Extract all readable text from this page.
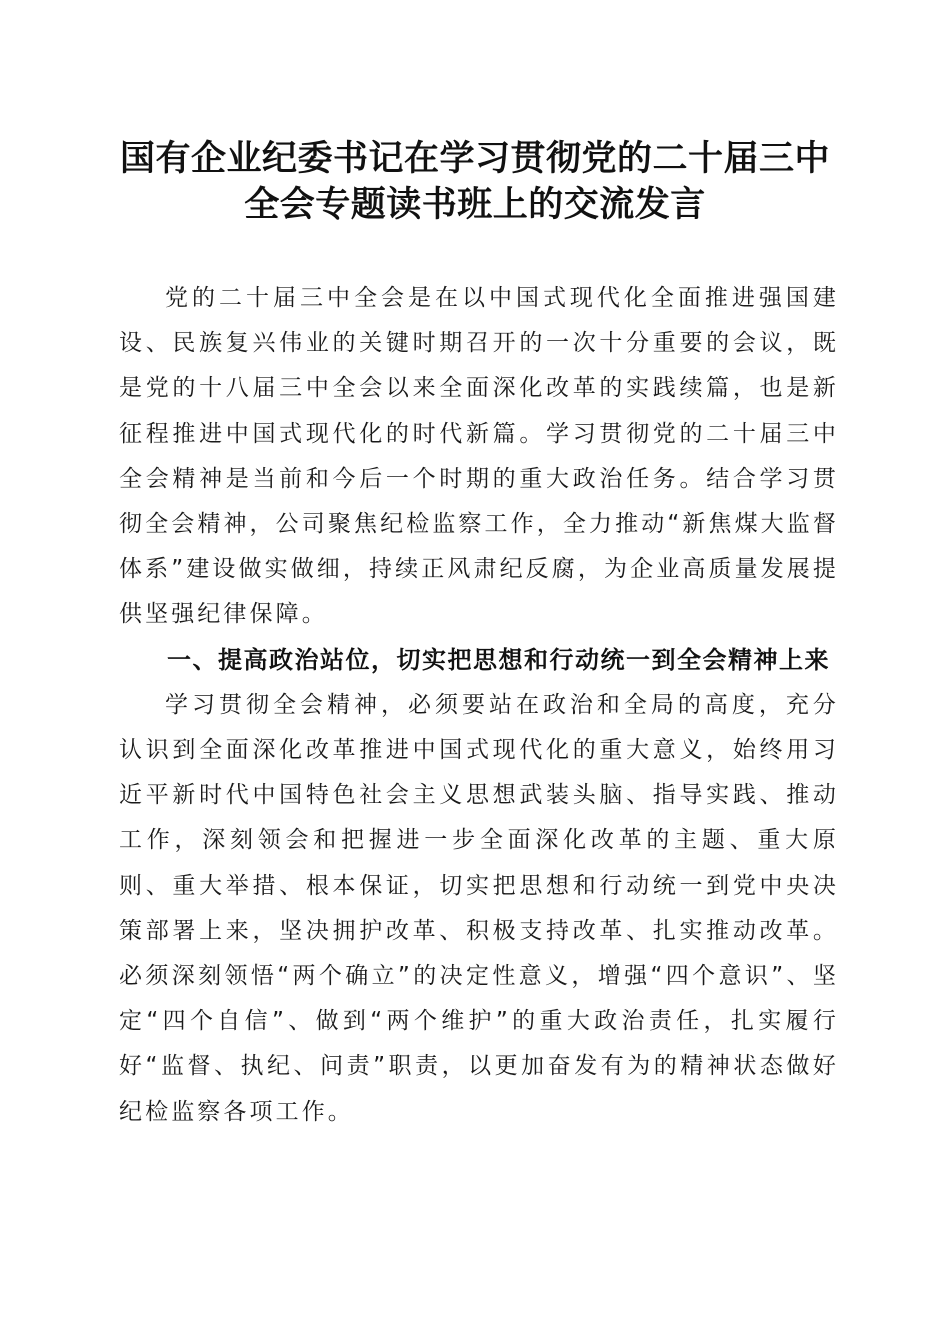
国有企业纪委书记在学习贯彻党的二十届三中
全会专题读书班上的交流发言

党的二十届三中全会是在以中国式现代化全面推进强国建设、民族复兴伟业的关键时期召开的一次十分重要的会议，既是党的十八届三中全会以来全面深化改革的实践续篇，也是新征程推进中国式现代化的时代新篇。学习贯彻党的二十届三中全会精神是当前和今后一个时期的重大政治任务。结合学习贯彻全会精神，公司聚焦纪检监察工作，全力推动“新焦煤大监督体系”建设做实做细，持续正风肃纪反腐，为企业高质量发展提供坚强纪律保障。

一、提高政治站位，切实把思想和行动统一到全会精神上来

学习贯彻全会精神，必须要站在政治和全局的高度，充分认识到全面深化改革推进中国式现代化的重大意义，始终用习近平新时代中国特色社会主义思想武装头脑、指导实践、推动工作，深刻领会和把握进一步全面深化改革的主题、重大原则、重大举措、根本保证，切实把思想和行动统一到党中央决策部署上来，坚决拥护改革、积极支持改革、扎实推动改革。必须深刻领悟“两个确立”的决定性意义，增强“四个意识”、坚定“四个自信”、做到“两个维护”的重大政治责任，扎实履行好“监督、执纪、问责”职责，以更加奋发有为的精神状态做好纪检监察各项工作。
